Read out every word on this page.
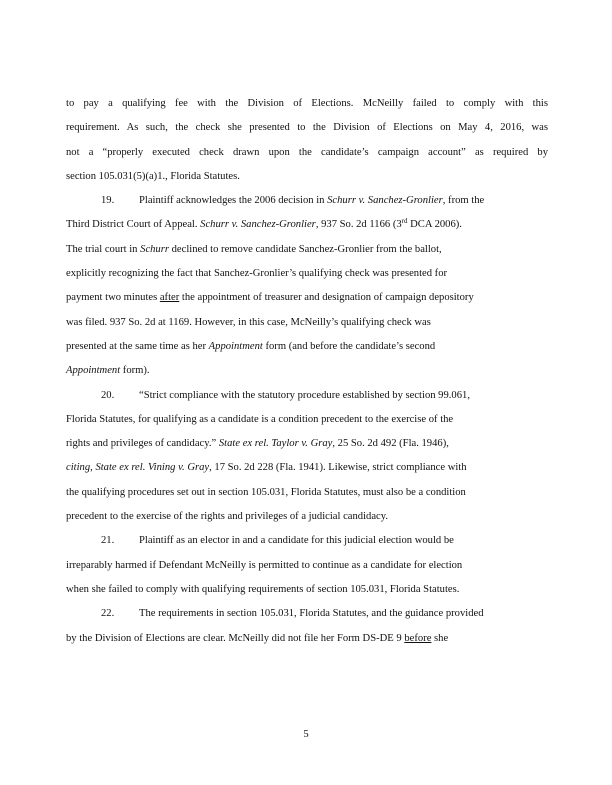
to pay a qualifying fee with the Division of Elections. McNeilly failed to comply with this
requirement. As such, the check she presented to the Division of Elections on May 4, 2016, was
not a “properly executed check drawn upon the candidate’s campaign account” as required by
section 105.031(5)(a)1., Florida Statutes.
19. Plaintiff acknowledges the 2006 decision in Schurr v. Sanchez-Gronlier, from the
Third District Court of Appeal. Schurr v. Sanchez-Gronlier, 937 So. 2d 1166 (3rd DCA 2006).
The trial court in Schurr declined to remove candidate Sanchez-Gronlier from the ballot,
explicitly recognizing the fact that Sanchez-Gronlier’s qualifying check was presented for
payment two minutes after the appointment of treasurer and designation of campaign depository
was filed. 937 So. 2d at 1169. However, in this case, McNeilly’s qualifying check was
presented at the same time as her Appointment form (and before the candidate’s second
Appointment form).
20. “Strict compliance with the statutory procedure established by section 99.061,
Florida Statutes, for qualifying as a candidate is a condition precedent to the exercise of the
rights and privileges of candidacy.” State ex rel. Taylor v. Gray, 25 So. 2d 492 (Fla. 1946),
citing, State ex rel. Vining v. Gray, 17 So. 2d 228 (Fla. 1941). Likewise, strict compliance with
the qualifying procedures set out in section 105.031, Florida Statutes, must also be a condition
precedent to the exercise of the rights and privileges of a judicial candidacy.
21. Plaintiff as an elector in and a candidate for this judicial election would be
irreparably harmed if Defendant McNeilly is permitted to continue as a candidate for election
when she failed to comply with qualifying requirements of section 105.031, Florida Statutes.
22. The requirements in section 105.031, Florida Statutes, and the guidance provided
by the Division of Elections are clear. McNeilly did not file her Form DS-DE 9 before she
5
